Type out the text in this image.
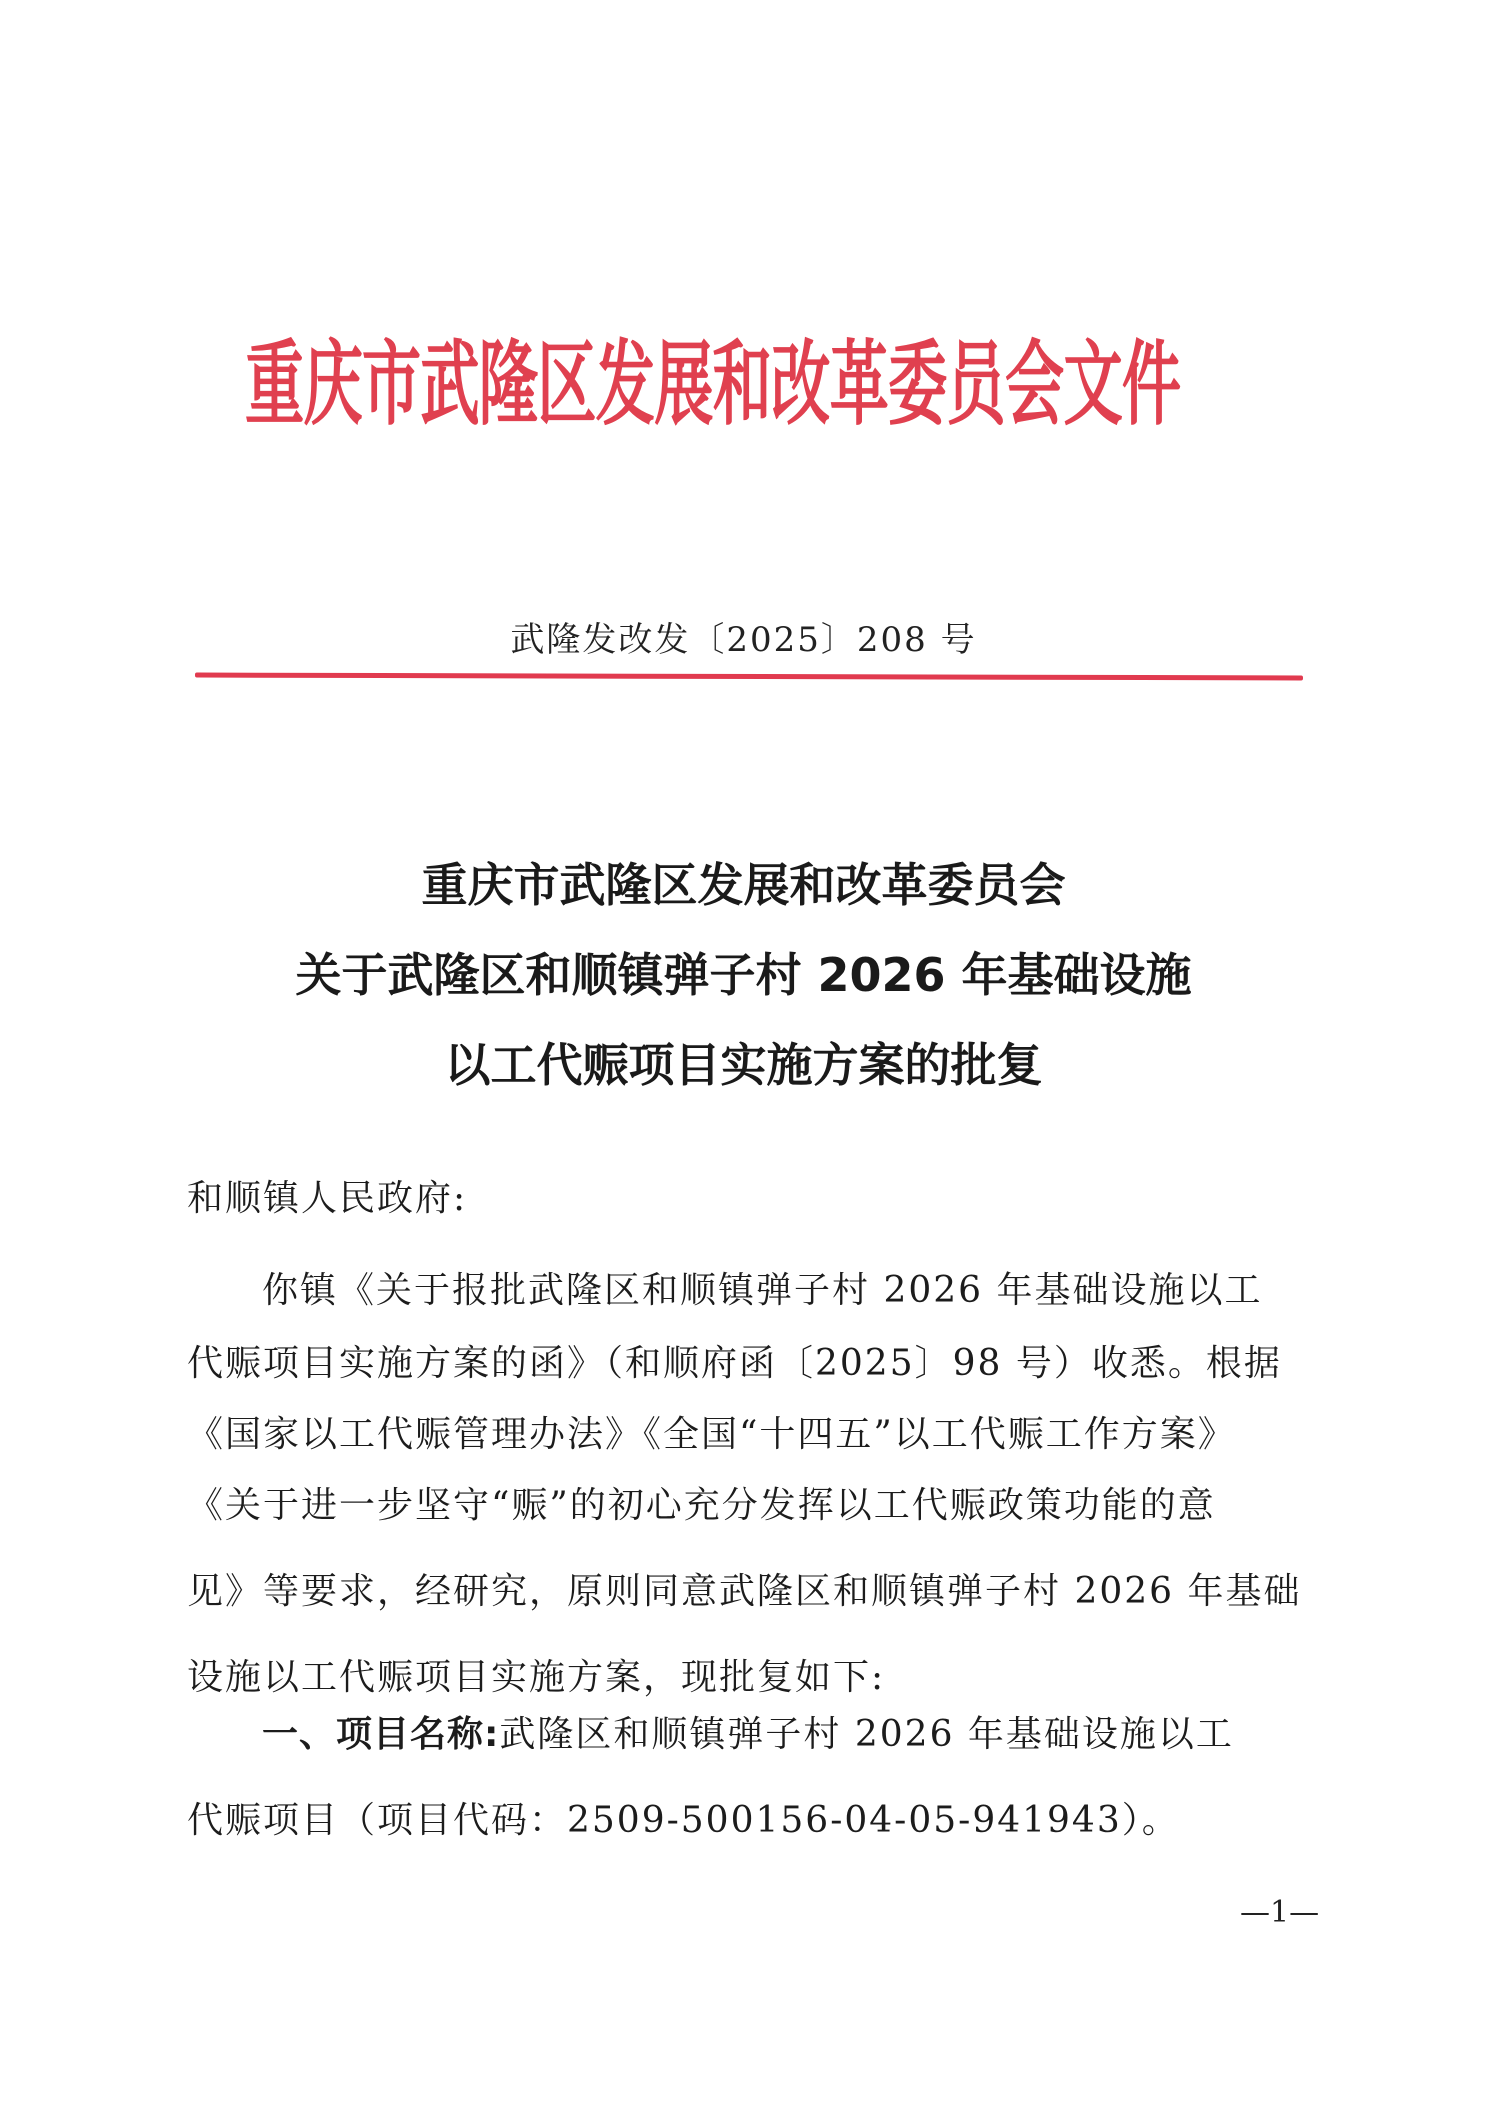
重庆市武隆区发展和改革委员会文件
武隆发改发〔2025〕208 号
重庆市武隆区发展和改革委员会
关于武隆区和顺镇弹子村 2026 年基础设施
以工代赈项目实施方案的批复
和顺镇人民政府:
你镇《关于报批武隆区和顺镇弹子村 2026 年基础设施以工
代赈项目实施方案的函》（和顺府函〔2025〕98 号）收悉。根据
《国家以工代赈管理办法》《全国“十四五”以工代赈工作方案》
《关于进一步坚守“赈”的初心充分发挥以工代赈政策功能的意
见》等要求，经研究，原则同意武隆区和顺镇弹子村 2026 年基础
设施以工代赈项目实施方案，现批复如下:
一、项目名称:武隆区和顺镇弹子村 2026 年基础设施以工
代赈项目（项目代码：2509-500156-04-05-941943）。
—1—
